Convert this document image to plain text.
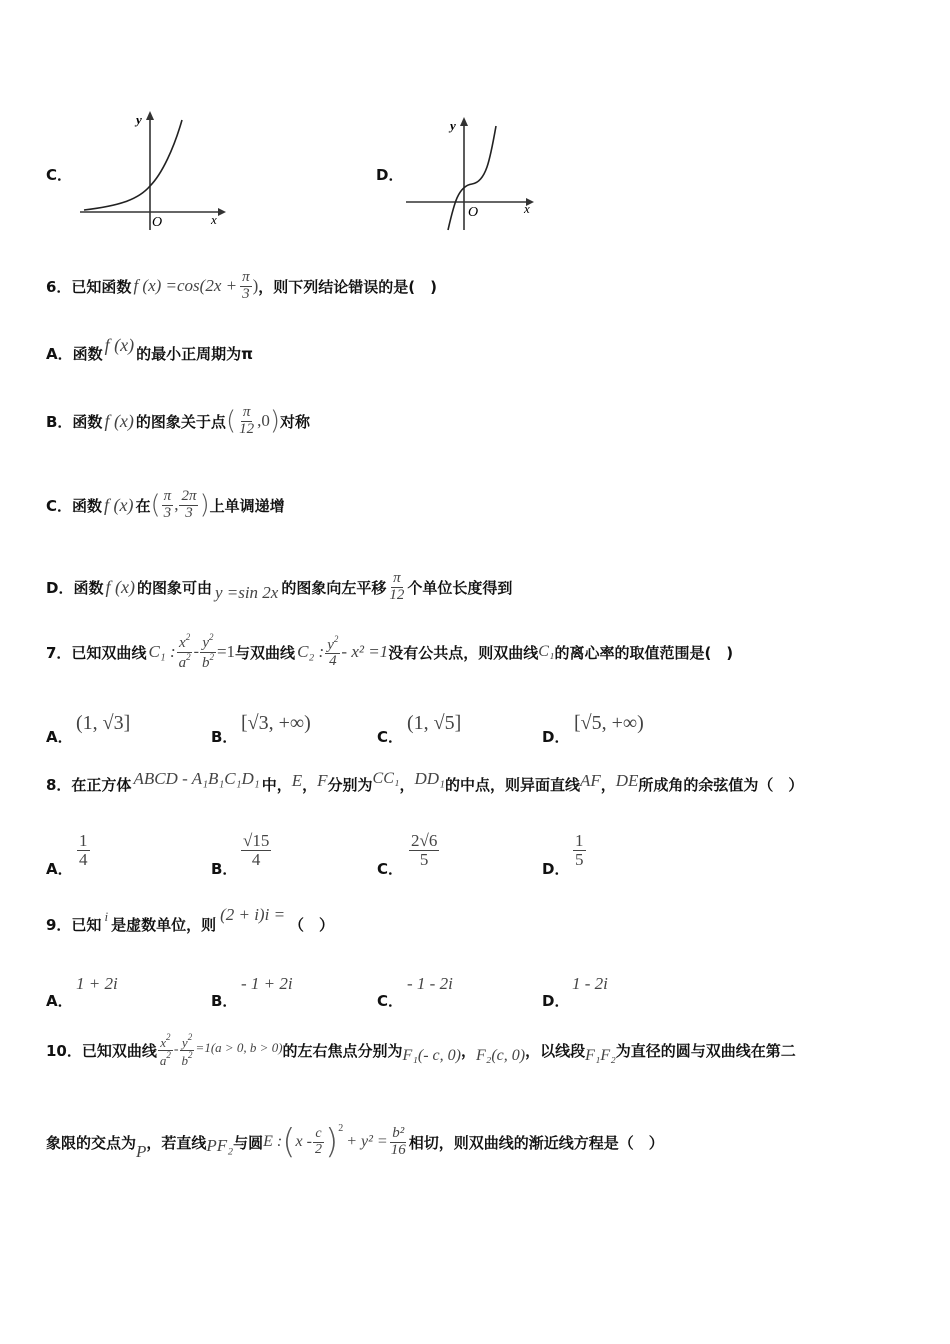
C．
y
x
O
D．
y
x
O
6．已知函数 f $(x) =\cos(2x + \frac{\pi}{3}$ ) ，则下列结论错误的是(　)
A．函数 f (x) 的最小正周期为π
B．函数 f (x) 的图象关于点 ( $\frac{\pi}{12} ,0$ ) 对称
C．函数 f (x) 在 ( $\frac{\pi}{3}$ , $\frac{2\pi}{3}$ ) 上单调递增
D．函数 f (x) 的图象可由 y =sin 2x 的图象向左平移 $\frac{\pi}{12}$ 个单位长度得到
7．已知双曲线 C₁ : $\frac{x^2}{a^2} - \frac{y^2}{b^2} =1$ 与双曲线 C₂ : $\frac{y^2}{4} - x^2 =1$ 没有公共点，则双曲线 C₁ 的离心率的取值范围是(　)
A．
(1, √3]
B．
[√3, +∞)
C．
(1, √5]
D．
[√5, +∞)
8．在正方体 ABCD - A₁B₁C₁D₁ 中， E ， F 分别为 CC₁ ， DD₁ 的中点，则异面直线 AF ， DE 所成角的余弦值为（　）
A．
$\frac{1}{4}$
B．
$\frac{√15}{4}$
C．
$\frac{2√6}{5}$
D．
$\frac{1}{5}$
9．已知 i 是虚数单位，则
(2 + i)i =
（　）
A．
1 + 2i
B．
- 1 + 2i
C．
- 1 - 2i
D．
1 - 2i
10．已知双曲线 $\frac{x^2}{a^2} - \frac{y^2}{b^2} =1(a > 0$, b > 0) 的左右焦点分别为 F₁(- c, 0) ， F₂(c, 0) ，以线段 F₁F₂ 为直径的圆与双曲线在第二
象限的交点为 P ，若直线 PF₂ 与圆 E : ( x - $\frac{c}{2}$ ) 2
+ $y^2 = \frac{\text{b²}}{16}$ 相切，则双曲线的渐近线方程是（　）
